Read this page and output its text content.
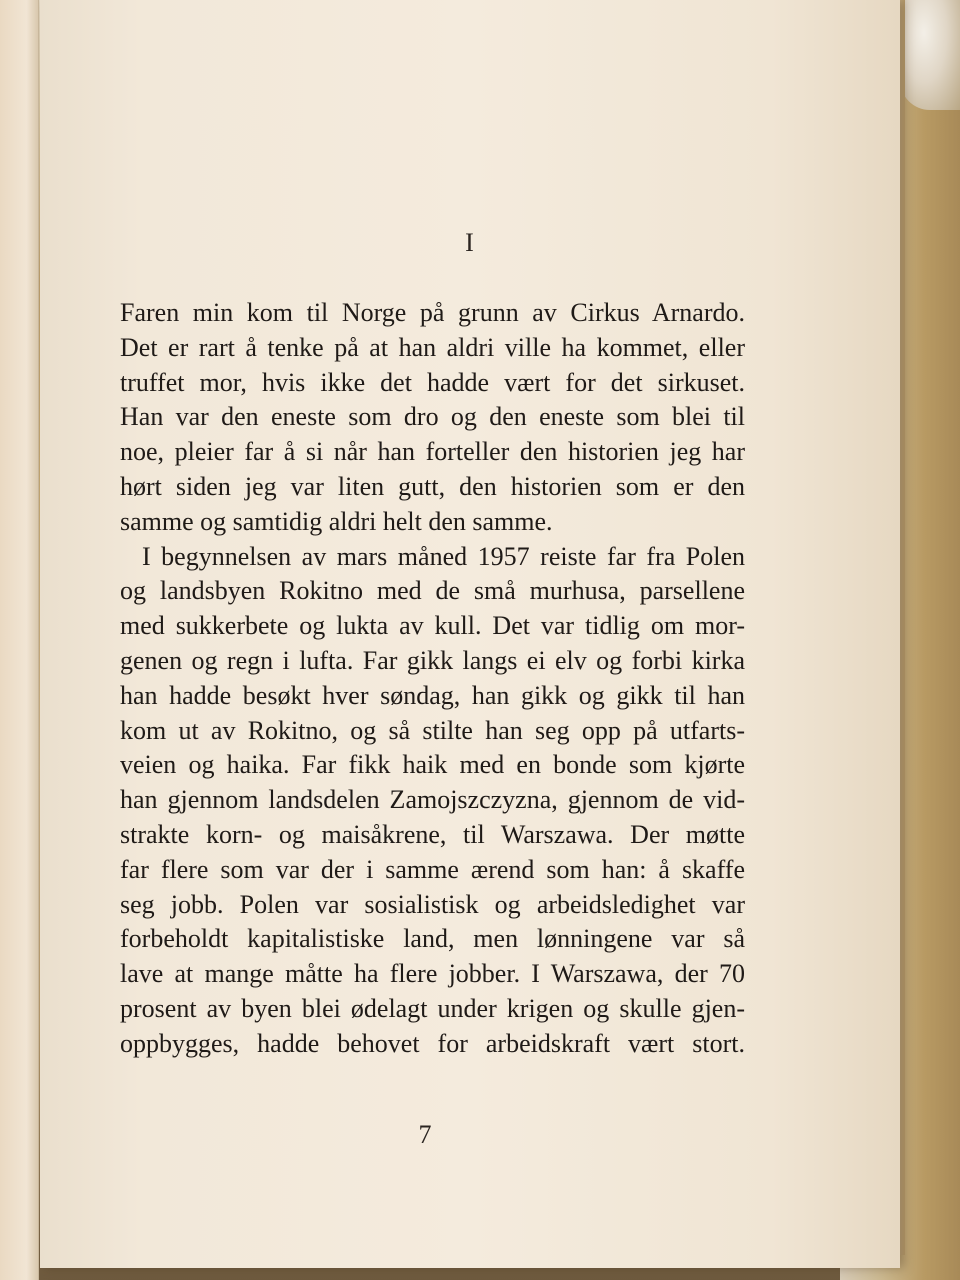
I
Faren min kom til Norge på grunn av Cirkus Arnardo.
Det er rart å tenke på at han aldri ville ha kommet, eller
truffet mor, hvis ikke det hadde vært for det sirkuset.
Han var den eneste som dro og den eneste som blei til
noe, pleier far å si når han forteller den historien jeg har
hørt siden jeg var liten gutt, den historien som er den
samme og samtidig aldri helt den samme.
I begynnelsen av mars måned 1957 reiste far fra Polen
og landsbyen Rokitno med de små murhusa, parsellene
med sukkerbete og lukta av kull. Det var tidlig om mor-
genen og regn i lufta. Far gikk langs ei elv og forbi kirka
han hadde besøkt hver søndag, han gikk og gikk til han
kom ut av Rokitno, og så stilte han seg opp på utfarts-
veien og haika. Far fikk haik med en bonde som kjørte
han gjennom landsdelen Zamojszczyzna, gjennom de vid-
strakte korn- og maisåkrene, til Warszawa. Der møtte
far flere som var der i samme ærend som han: å skaffe
seg jobb. Polen var sosialistisk og arbeidsledighet var
forbeholdt kapitalistiske land, men lønningene var så
lave at mange måtte ha flere jobber. I Warszawa, der 70
prosent av byen blei ødelagt under krigen og skulle gjen-
oppbygges, hadde behovet for arbeidskraft vært stort.
7
